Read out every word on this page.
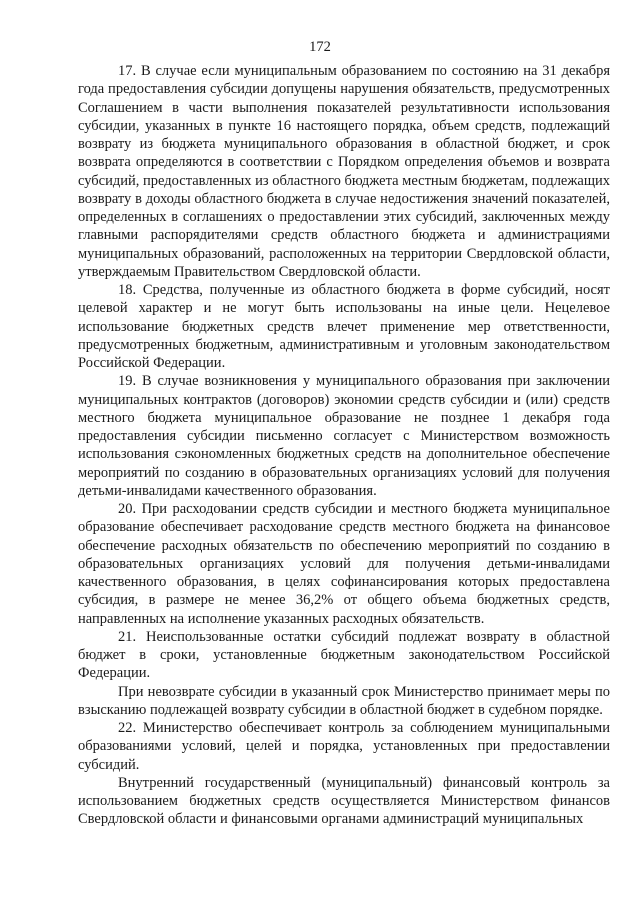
172

17. В случае если муниципальным образованием по состоянию на 31 декабря года предоставления субсидии допущены нарушения обязательств, предусмотренных Соглашением в части выполнения показателей результативности использования субсидии, указанных в пункте 16 настоящего порядка, объем средств, подлежащий возврату из бюджета муниципального образования в областной бюджет, и срок возврата определяются в соответствии с Порядком определения объемов и возврата субсидий, предоставленных из областного бюджета местным бюджетам, подлежащих возврату в доходы областного бюджета в случае недостижения значений показателей, определенных в соглашениях о предоставлении этих субсидий, заключенных между главными распорядителями средств областного бюджета и администрациями муниципальных образований, расположенных на территории Свердловской области, утверждаемым Правительством Свердловской области.

18. Средства, полученные из областного бюджета в форме субсидий, носят целевой характер и не могут быть использованы на иные цели. Нецелевое использование бюджетных средств влечет применение мер ответственности, предусмотренных бюджетным, административным и уголовным законодательством Российской Федерации.

19. В случае возникновения у муниципального образования при заключении муниципальных контрактов (договоров) экономии средств субсидии и (или) средств местного бюджета муниципальное образование не позднее 1 декабря года предоставления субсидии письменно согласует с Министерством возможность использования сэкономленных бюджетных средств на дополнительное обеспечение мероприятий по созданию в образовательных организациях условий для получения детьми-инвалидами качественного образования.

20. При расходовании средств субсидии и местного бюджета муниципальное образование обеспечивает расходование средств местного бюджета на финансовое обеспечение расходных обязательств по обеспечению мероприятий по созданию в образовательных организациях условий для получения детьми-инвалидами качественного образования, в целях софинансирования которых предоставлена субсидия, в размере не менее 36,2% от общего объема бюджетных средств, направленных на исполнение указанных расходных обязательств.

21. Неиспользованные остатки субсидий подлежат возврату в областной бюджет в сроки, установленные бюджетным законодательством Российской Федерации.

При невозврате субсидии в указанный срок Министерство принимает меры по взысканию подлежащей возврату субсидии в областной бюджет в судебном порядке.

22. Министерство обеспечивает контроль за соблюдением муниципальными образованиями условий, целей и порядка, установленных при предоставлении субсидий.

Внутренний государственный (муниципальный) финансовый контроль за использованием бюджетных средств осуществляется Министерством финансов Свердловской области и финансовыми органами администраций муниципальных
